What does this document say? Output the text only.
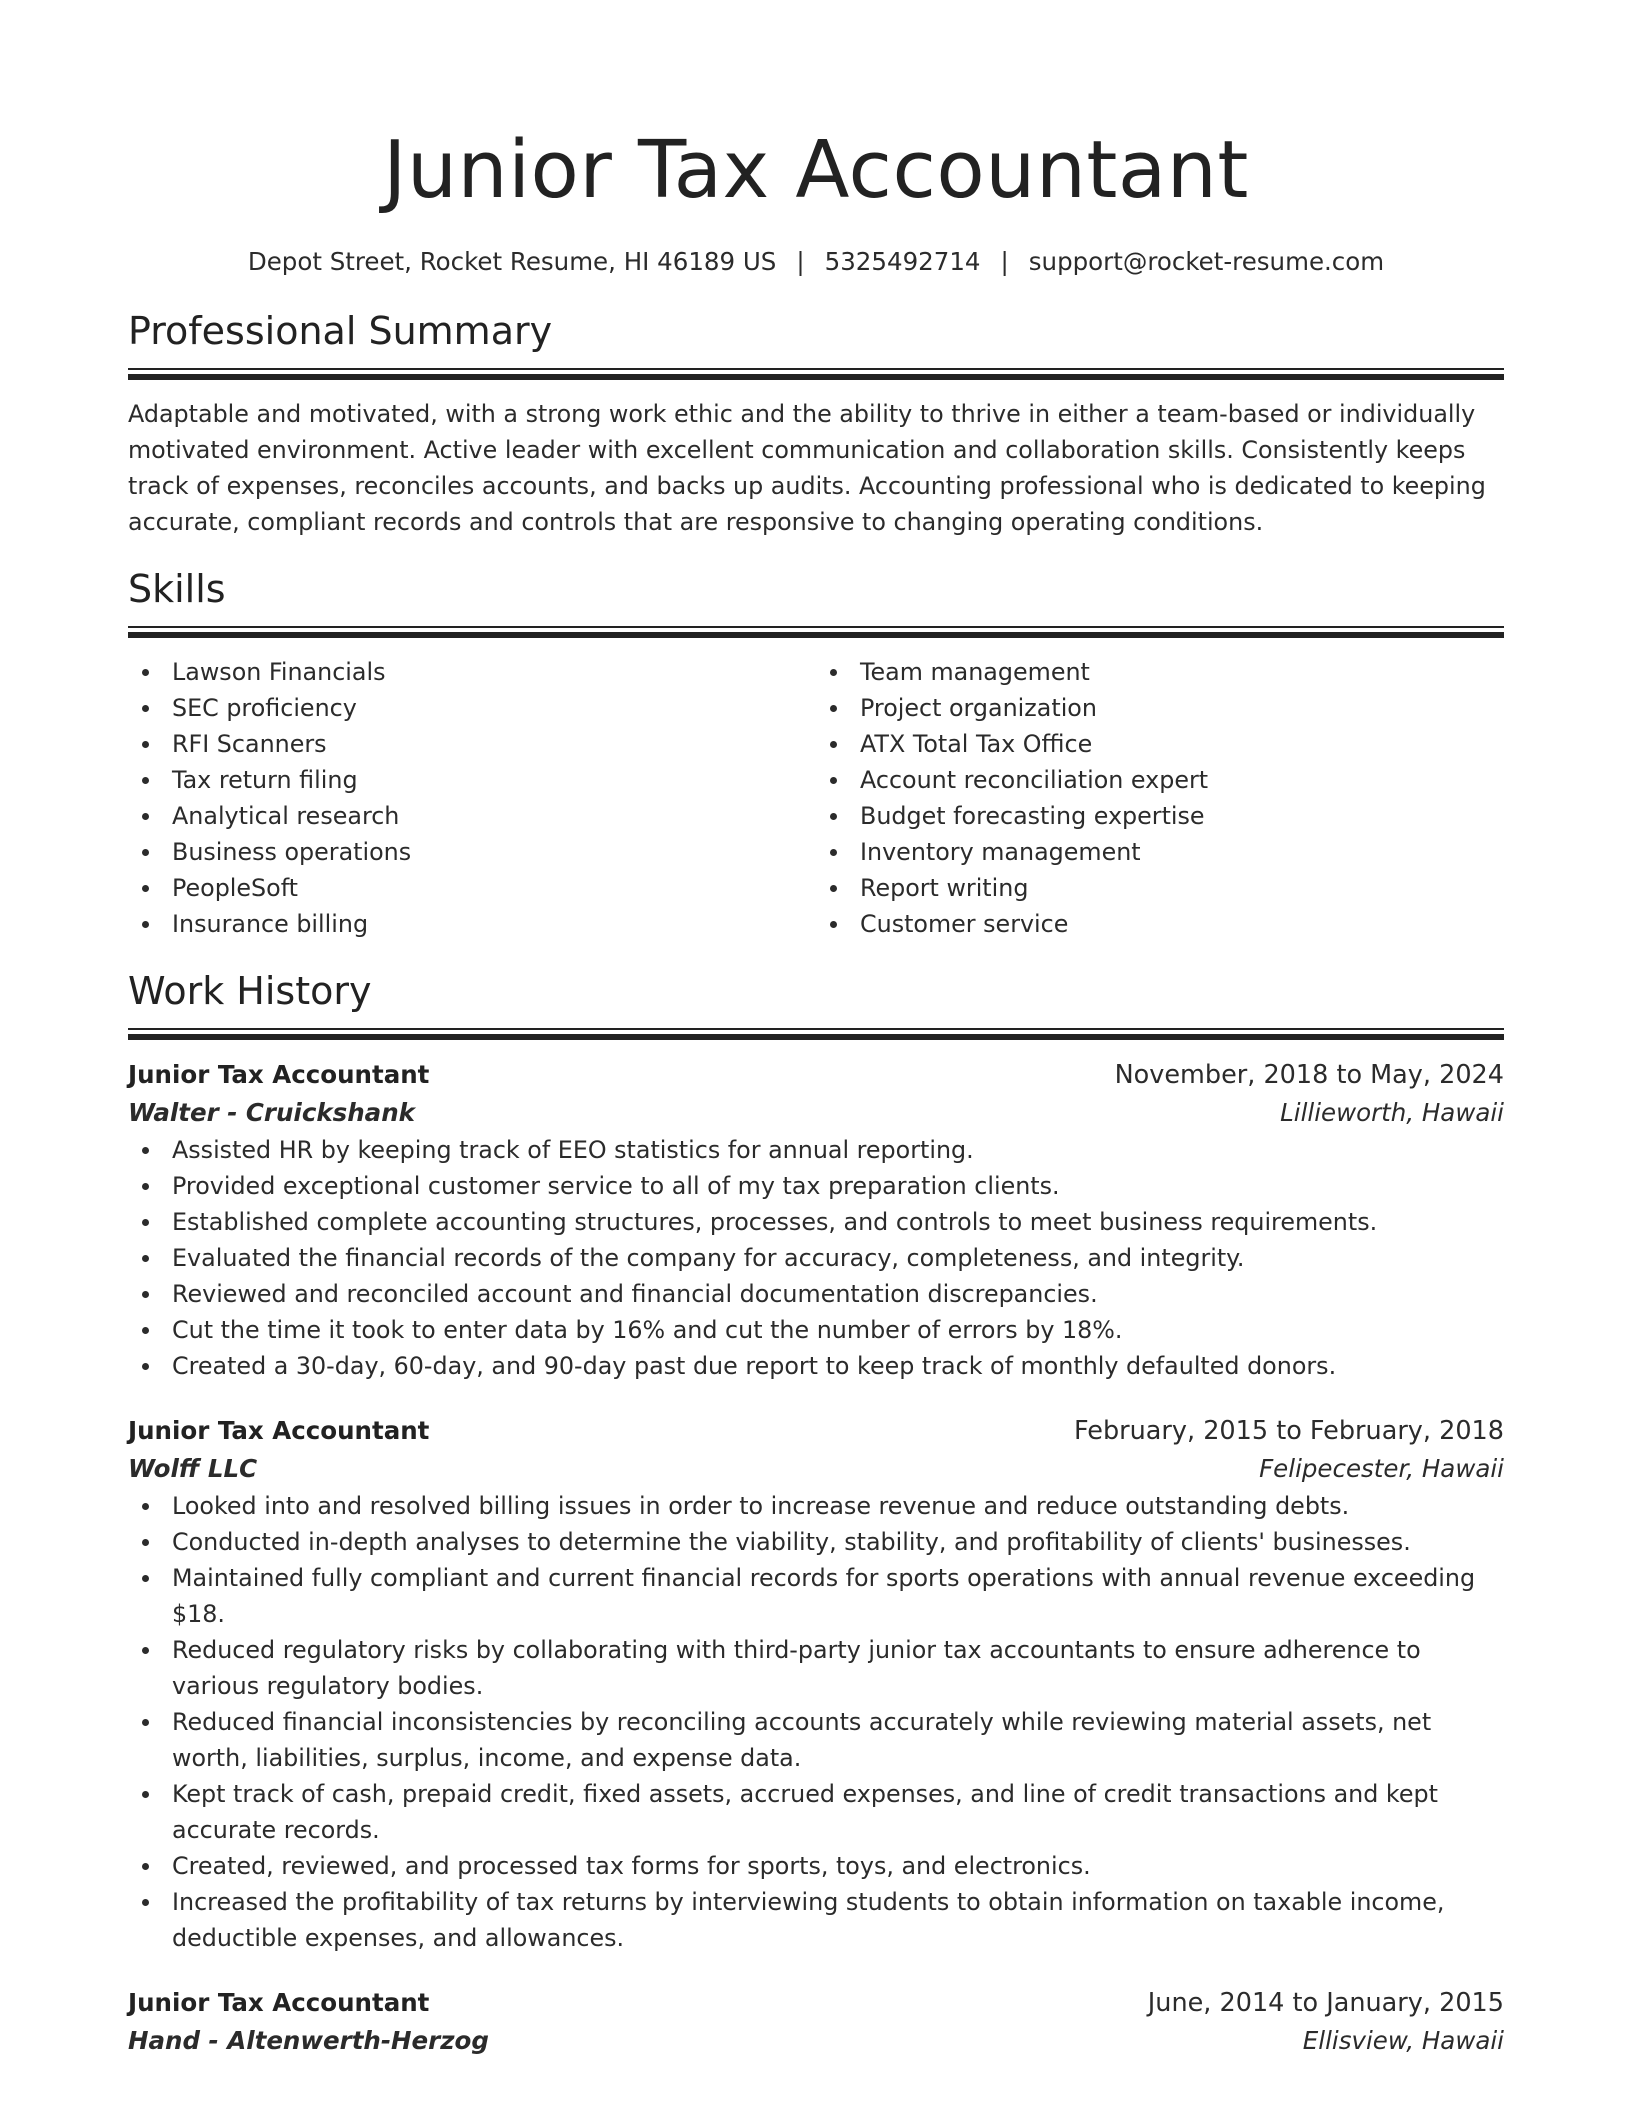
Junior Tax Accountant
Depot Street, Rocket Resume, HI 46189 US | 5325492714 | support@rocket-resume.com
Professional Summary

Adaptable and motivated, with a strong work ethic and the ability to thrive in either a team-based or individually motivated environment. Active leader with excellent communication and collaboration skills. Consistently keeps track of expenses, reconciles accounts, and backs up audits. Accounting professional who is dedicated to keeping accurate, compliant records and controls that are responsive to changing operating conditions.

Skills
Lawson Financials
SEC proficiency
RFI Scanners
Tax return filing
Analytical research
Business operations
PeopleSoft
Insurance billing
Team management
Project organization
ATX Total Tax Office
Account reconciliation expert
Budget forecasting expertise
Inventory management
Report writing
Customer service
Work History
Junior Tax Accountant	November, 2018 to May, 2024
Walter - Cruickshank	Lillieworth, Hawaii
Assisted HR by keeping track of EEO statistics for annual reporting.
Provided exceptional customer service to all of my tax preparation clients.
Established complete accounting structures, processes, and controls to meet business requirements.
Evaluated the financial records of the company for accuracy, completeness, and integrity.
Reviewed and reconciled account and financial documentation discrepancies.
Cut the time it took to enter data by 16% and cut the number of errors by 18%.
Created a 30-day, 60-day, and 90-day past due report to keep track of monthly defaulted donors.
Junior Tax Accountant	February, 2015 to February, 2018
Wolff LLC	Felipecester, Hawaii
Looked into and resolved billing issues in order to increase revenue and reduce outstanding debts.
Conducted in-depth analyses to determine the viability, stability, and profitability of clients' businesses.
Maintained fully compliant and current financial records for sports operations with annual revenue exceeding $18.
Reduced regulatory risks by collaborating with third-party junior tax accountants to ensure adherence to various regulatory bodies.
Reduced financial inconsistencies by reconciling accounts accurately while reviewing material assets, net worth, liabilities, surplus, income, and expense data.
Kept track of cash, prepaid credit, fixed assets, accrued expenses, and line of credit transactions and kept accurate records.
Created, reviewed, and processed tax forms for sports, toys, and electronics.
Increased the profitability of tax returns by interviewing students to obtain information on taxable income, deductible expenses, and allowances.
Junior Tax Accountant	June, 2014 to January, 2015
Hand - Altenwerth-Herzog	Ellisview, Hawaii
